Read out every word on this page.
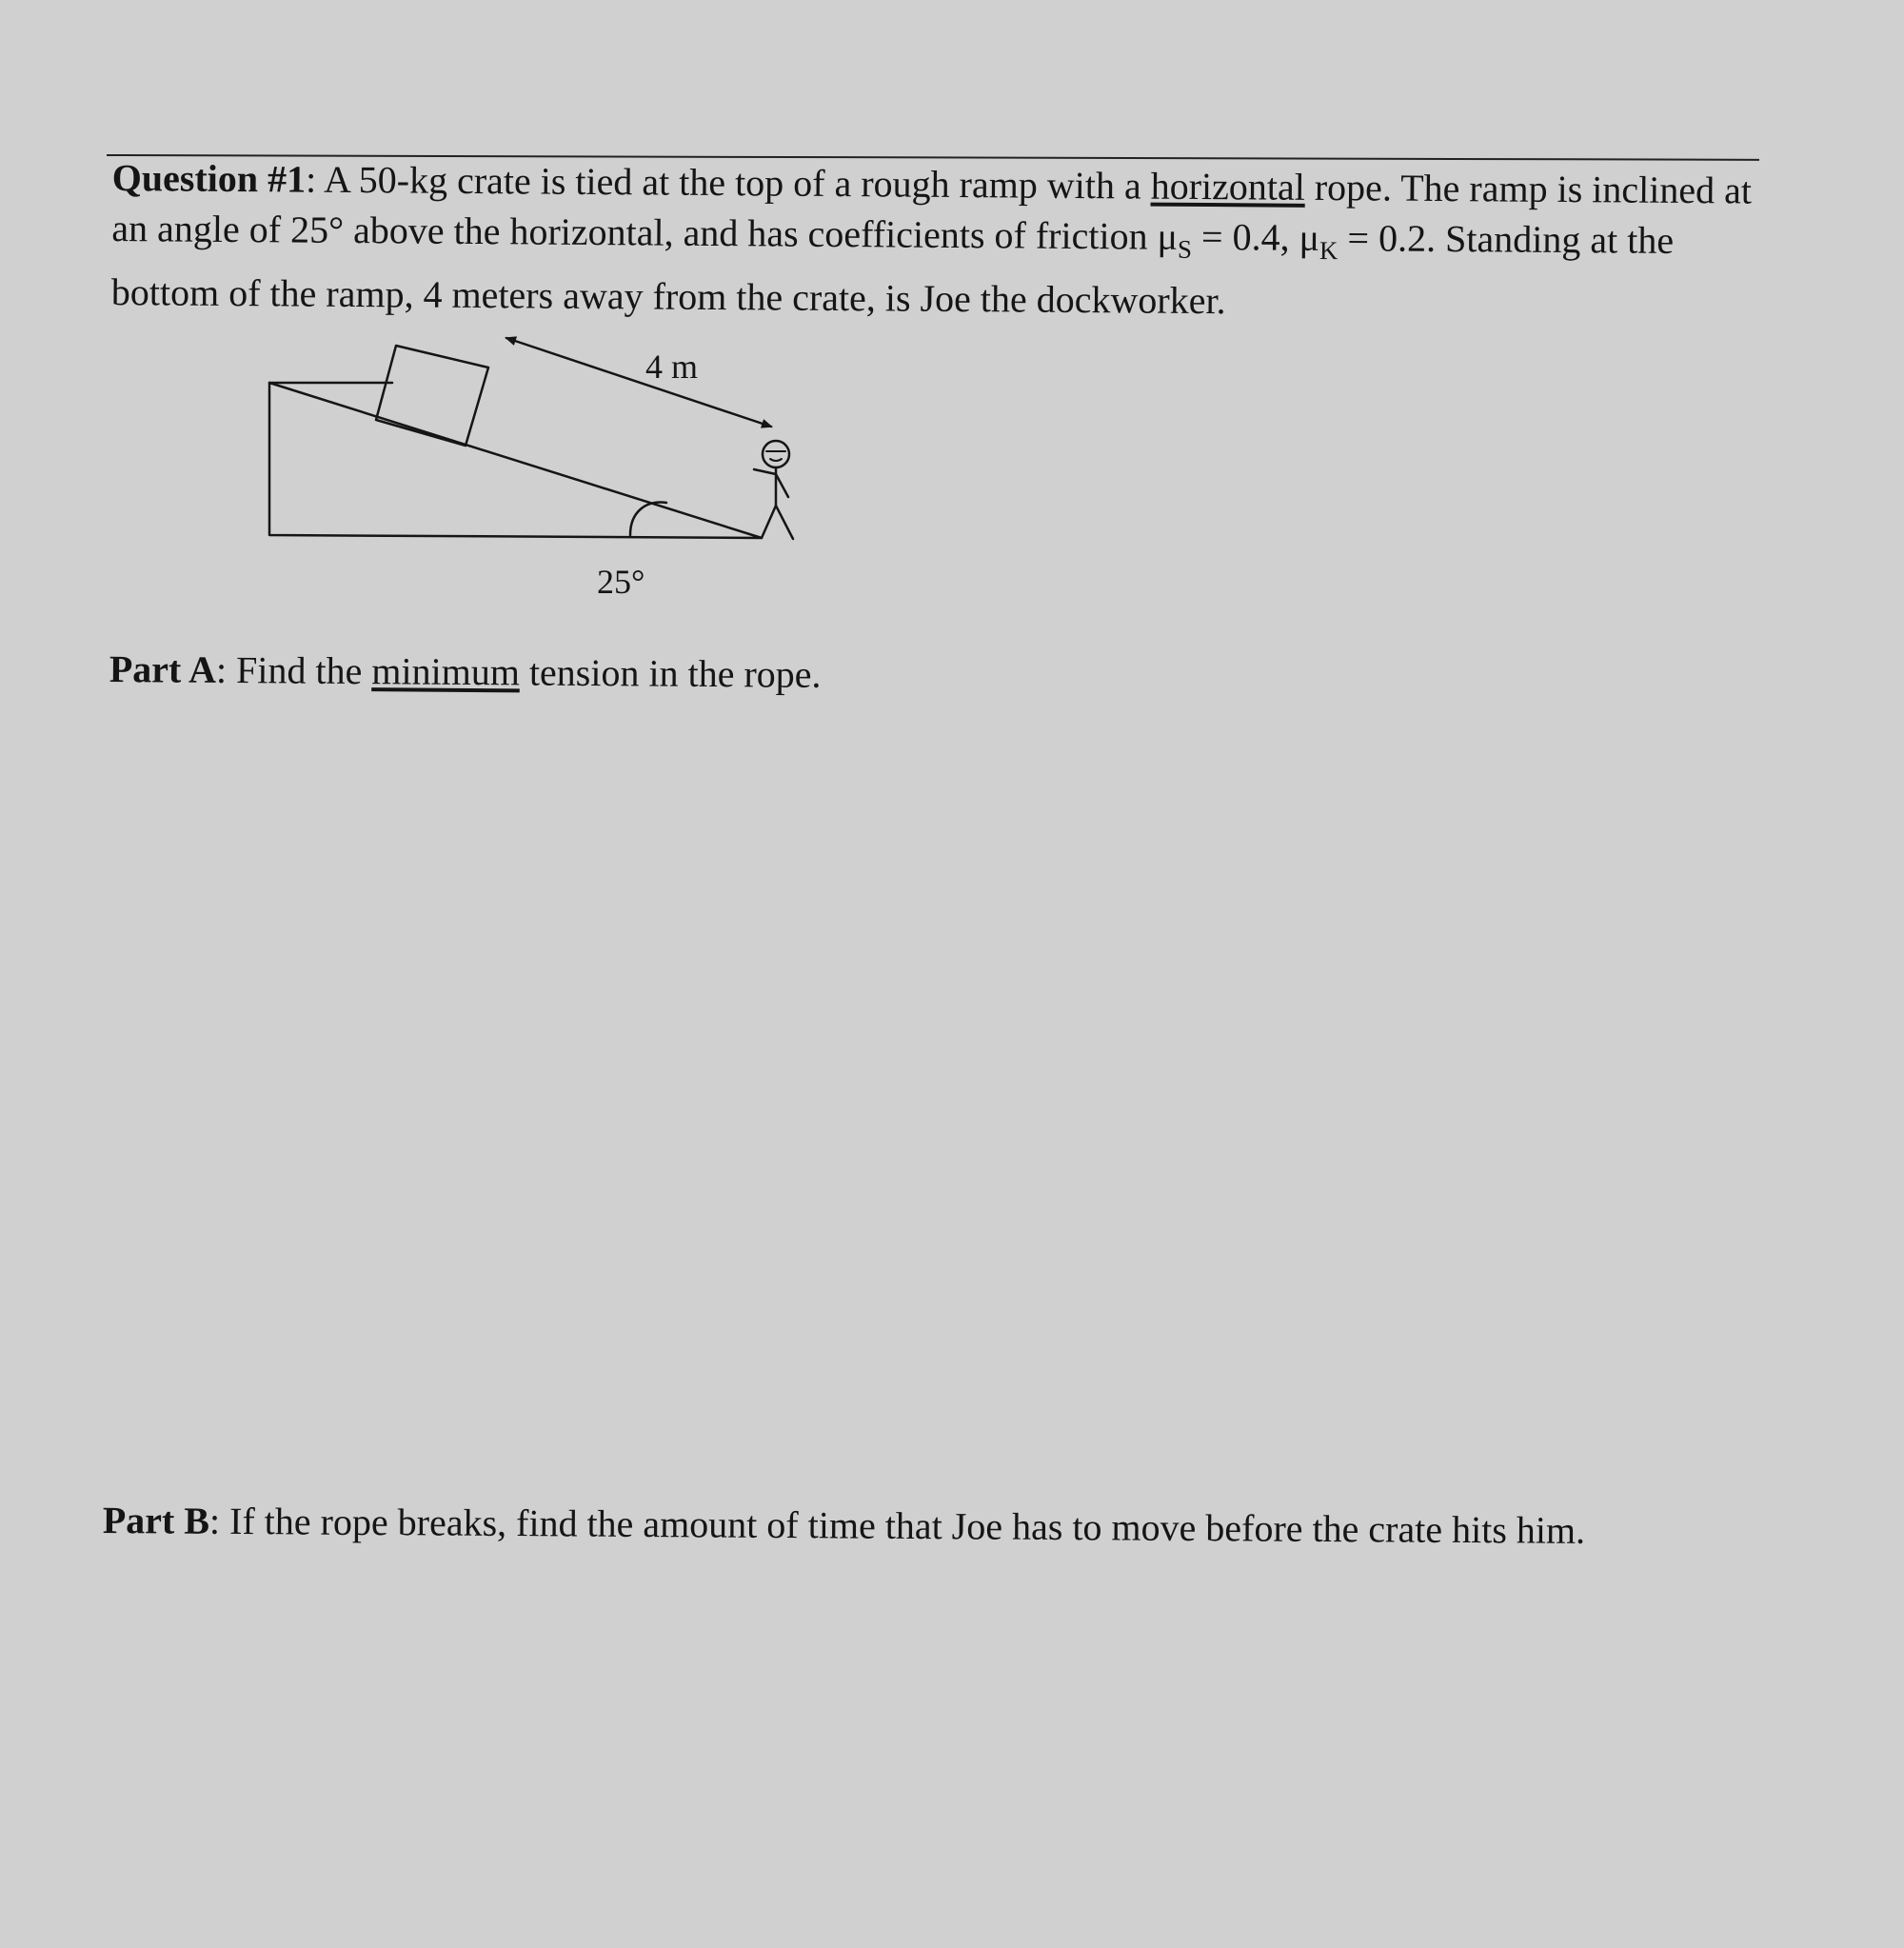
Question #1: A 50-kg crate is tied at the top of a rough ramp with a horizontal rope. The ramp is inclined at an angle of 25° above the horizontal, and has coefficients of friction $\mu_S = 0.4$, $\mu_K = 0.2$. Standing at the bottom of the ramp, 4 meters away from the crate, is Joe the dockworker.
4 m
25°
Part A: Find the minimum tension in the rope.
Part B: If the rope breaks, find the amount of time that Joe has to move before the crate hits him.
